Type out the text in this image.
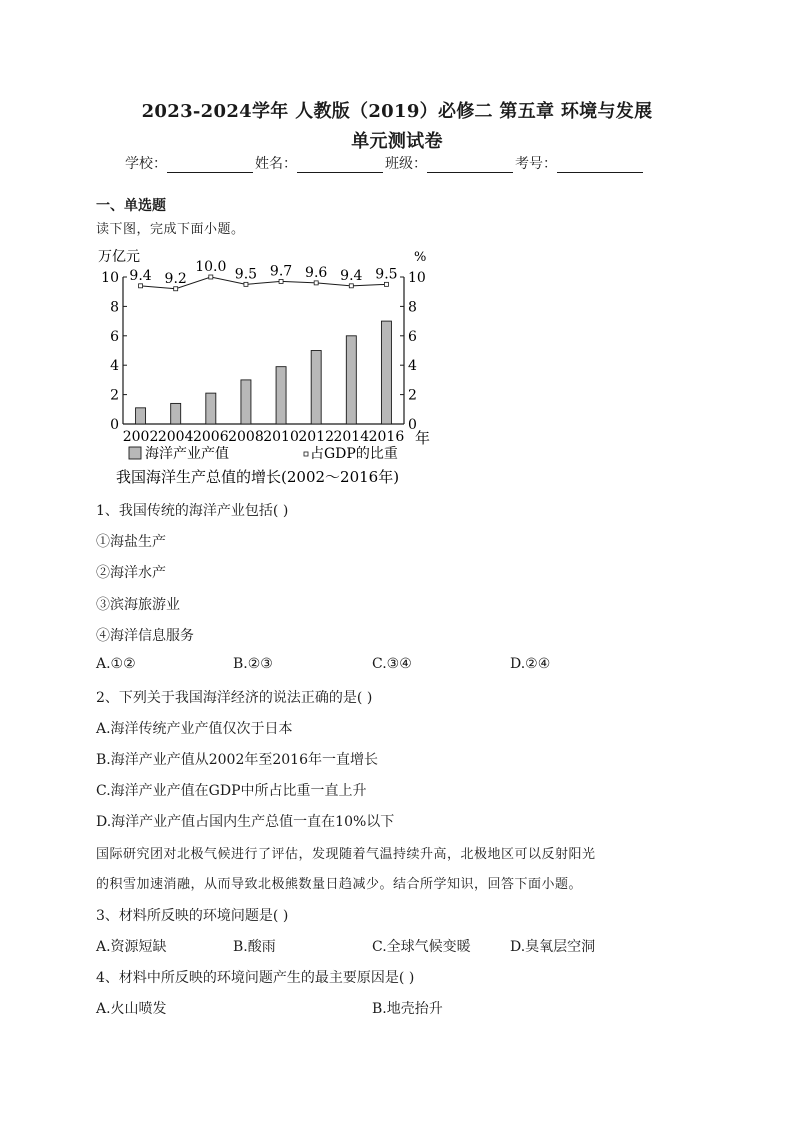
2023-2024学年 人教版（2019）必修二 第五章 环境与发展
单元测试卷
学校：	姓名：	班级：	考号：
一、单选题
读下图，完成下面小题。
万亿元	%
0	0
2	2
4	4
6	6
8	8
10	10
2002 2004 2006 2008 2010 2012 2014 2016 年
9.4 9.2
10.0 9.5 9.7 9.6 9.4 9.5
海洋产业产值	占GDP的比重
我国海洋生产总值的增长(2002～2016年)
1、我国传统的海洋产业包括( )
①海盐生产
②海洋水产
③滨海旅游业
④海洋信息服务
A.①②	B.②③	C.③④	D.②④
2、下列关于我国海洋经济的说法正确的是( )
A.海洋传统产业产值仅次于日本
B.海洋产业产值从2002年至2016年一直增长
C.海洋产业产值在GDP中所占比重一直上升
D.海洋产业产值占国内生产总值一直在10%以下
国际研究团对北极气候进行了评估，发现随着气温持续升高，北极地区可以反射阳光
的积雪加速消融，从而导致北极熊数量日趋减少。结合所学知识，回答下面小题。
3、材料所反映的环境问题是( )
A.资源短缺	B.酸雨	C.全球气候变暖	D.臭氧层空洞
4、材料中所反映的环境问题产生的最主要原因是( )
A.火山喷发	B.地壳抬升
